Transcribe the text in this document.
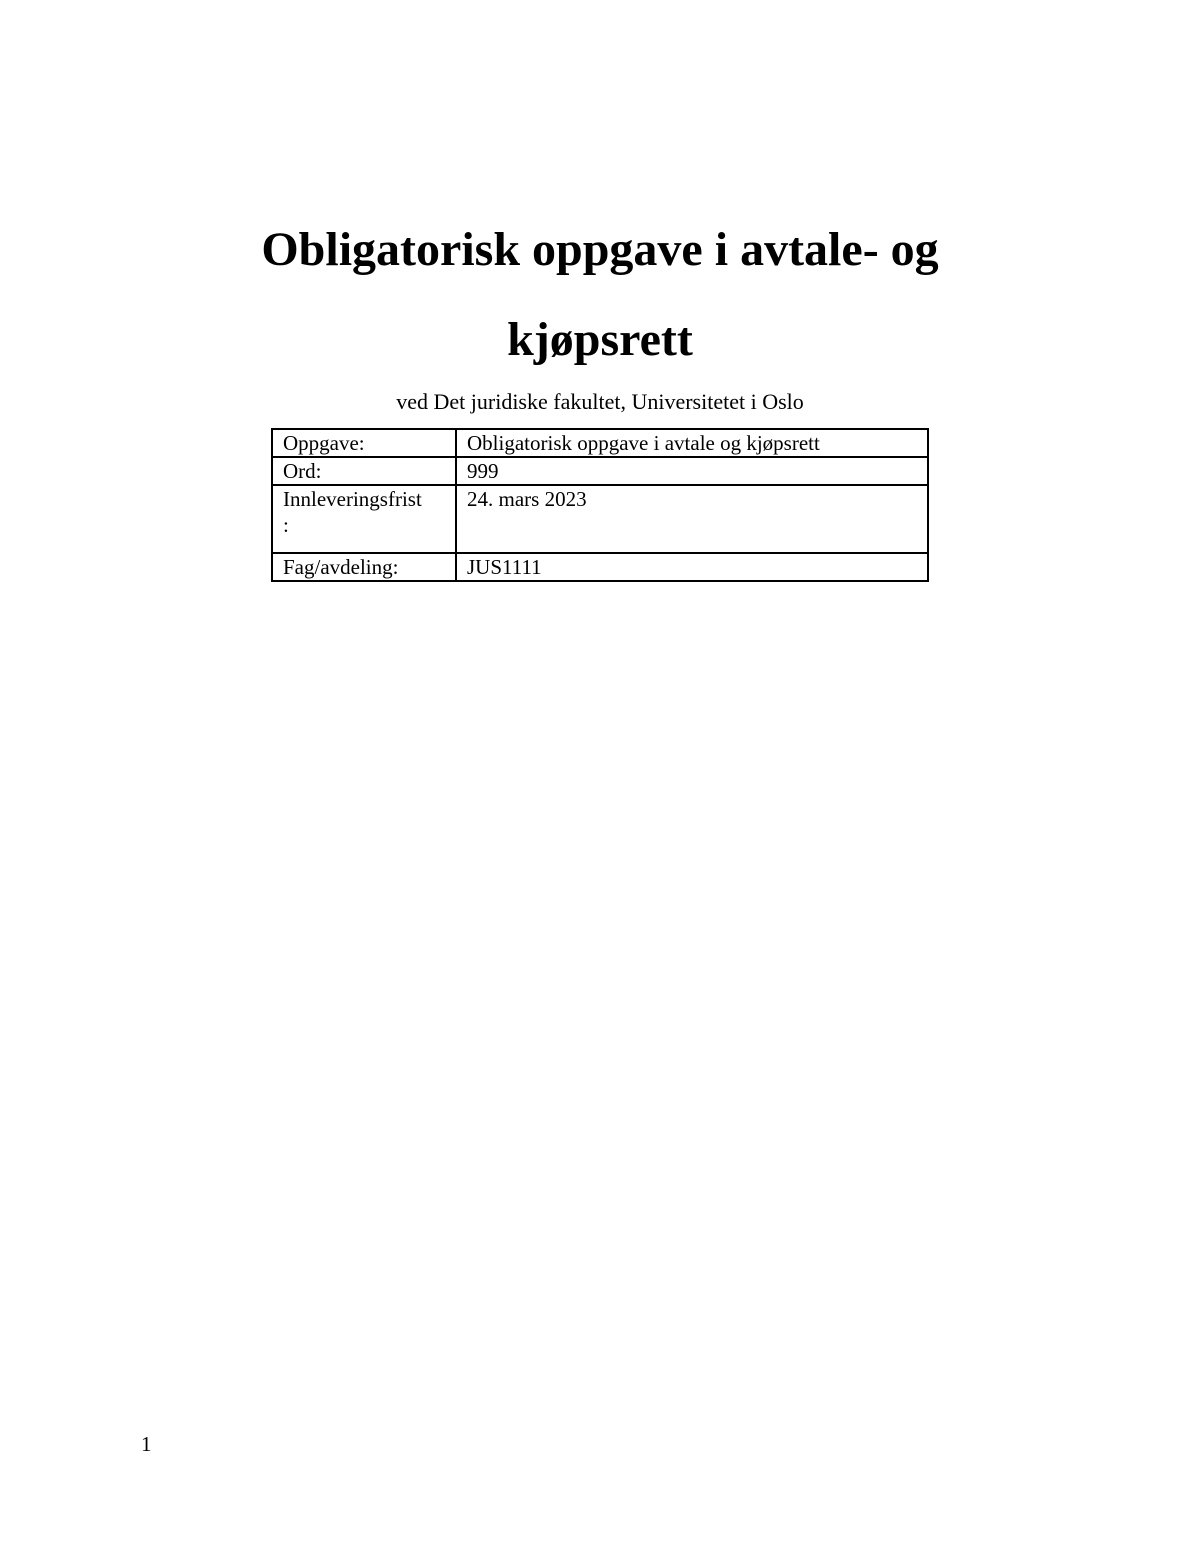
Obligatorisk oppgave i avtale- og
kjøpsrett
ved Det juridiske fakultet, Universitetet i Oslo
Oppgave:	Obligatorisk oppgave i avtale og kjøpsrett
Ord:	999
Innleveringsfrist
:	24. mars 2023
Fag/avdeling:	JUS1111
1
